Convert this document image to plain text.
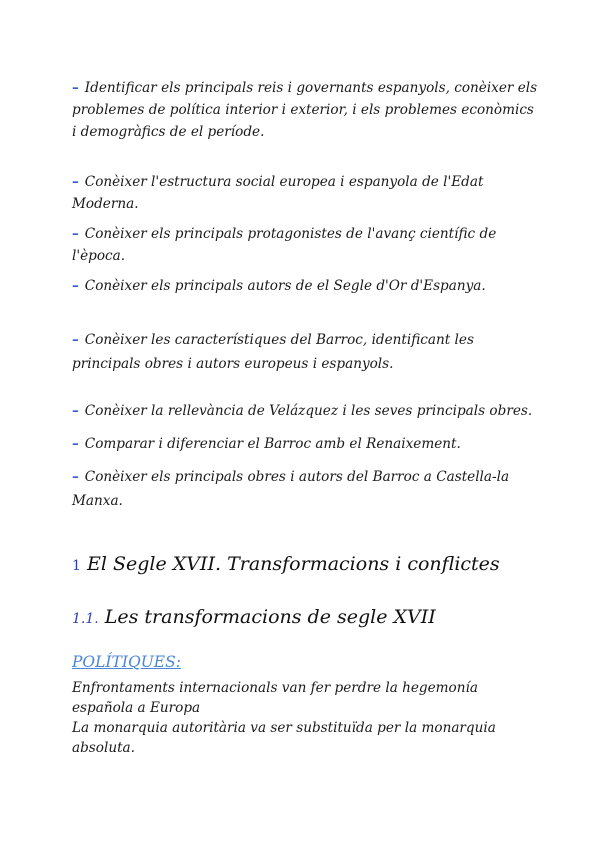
– Identificar els principals reis i governants espanyols, conèixer els problemes de política interior i exterior, i els problemes econòmics i demogràfics de el període.
– Conèixer l'estructura social europea i espanyola de l'Edat Moderna.
– Conèixer els principals protagonistes de l'avanç científic de l'època.
– Conèixer els principals autors de el Segle d'Or d'Espanya.
– Conèixer les característiques del Barroc, identificant les principals obres i autors europeus i espanyols.
– Conèixer la rellevància de Velázquez i les seves principals obres.
– Comparar i diferenciar el Barroc amb el Renaixement.
– Conèixer els principals obres i autors del Barroc a Castella-la Manxa.
1 El Segle XVII. Transformacions i conflictes
1.1. Les transformacions de segle XVII
POLÍTIQUES:
Enfrontaments internacionals van fer perdre la hegemonía española a Europa
La monarquia autoritària va ser substituïda per la monarquia absoluta.
